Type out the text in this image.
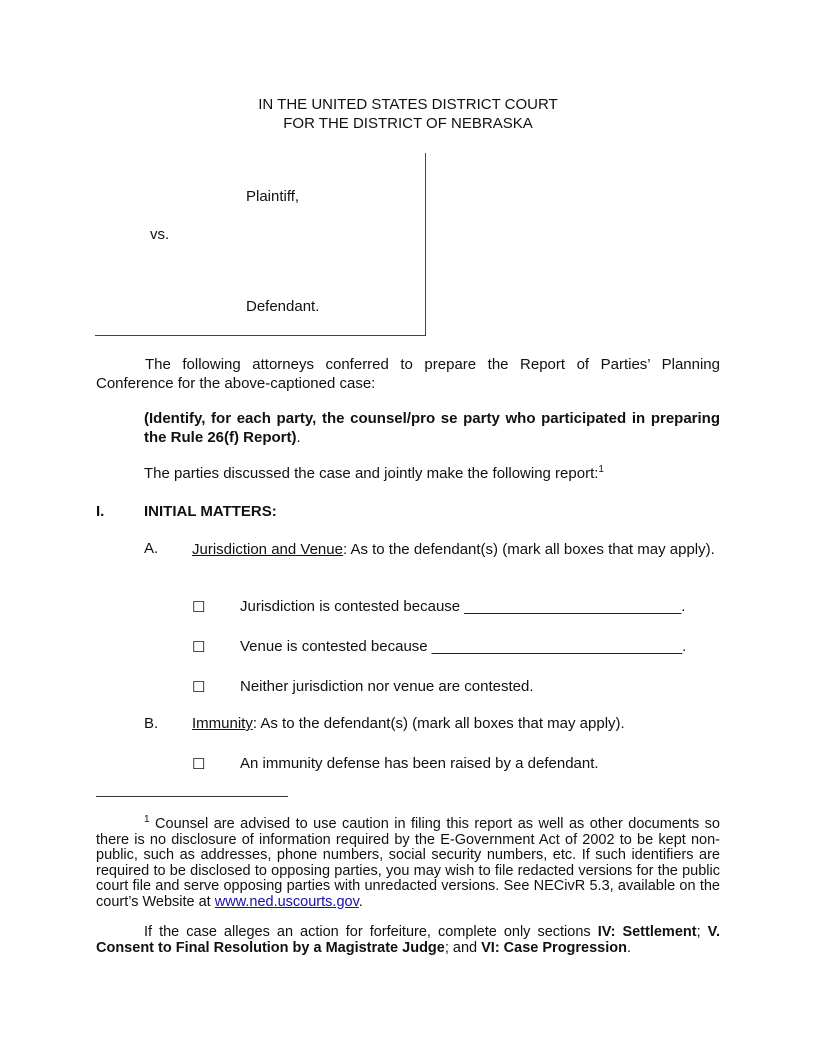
IN THE UNITED STATES DISTRICT COURT
FOR THE DISTRICT OF NEBRASKA
Plaintiff,
vs.
Defendant.
The following attorneys conferred to prepare the Report of Parties’ Planning Conference for the above-captioned case:
(Identify, for each party, the counsel/pro se party who participated in preparing the Rule 26(f) Report).
The parties discussed the case and jointly make the following report:$^1$
I.	INITIAL MATTERS:
A. Jurisdiction and Venue: As to the defendant(s) (mark all boxes that may apply).
☐ Jurisdiction is contested because __________________________.
☐ Venue is contested because ______________________________.
☐ Neither jurisdiction nor venue are contested.
B. Immunity: As to the defendant(s) (mark all boxes that may apply).
☐ An immunity defense has been raised by a defendant.
$^1$ Counsel are advised to use caution in filing this report as well as other documents so there is no disclosure of information required by the E-Government Act of 2002 to be kept non-public, such as addresses, phone numbers, social security numbers, etc. If such identifiers are required to be disclosed to opposing parties, you may wish to file redacted versions for the public court file and serve opposing parties with unredacted versions. See NECivR 5.3, available on the court’s Website at www.ned.uscourts.gov.
If the case alleges an action for forfeiture, complete only sections IV: Settlement; V. Consent to Final Resolution by a Magistrate Judge; and VI: Case Progression.
